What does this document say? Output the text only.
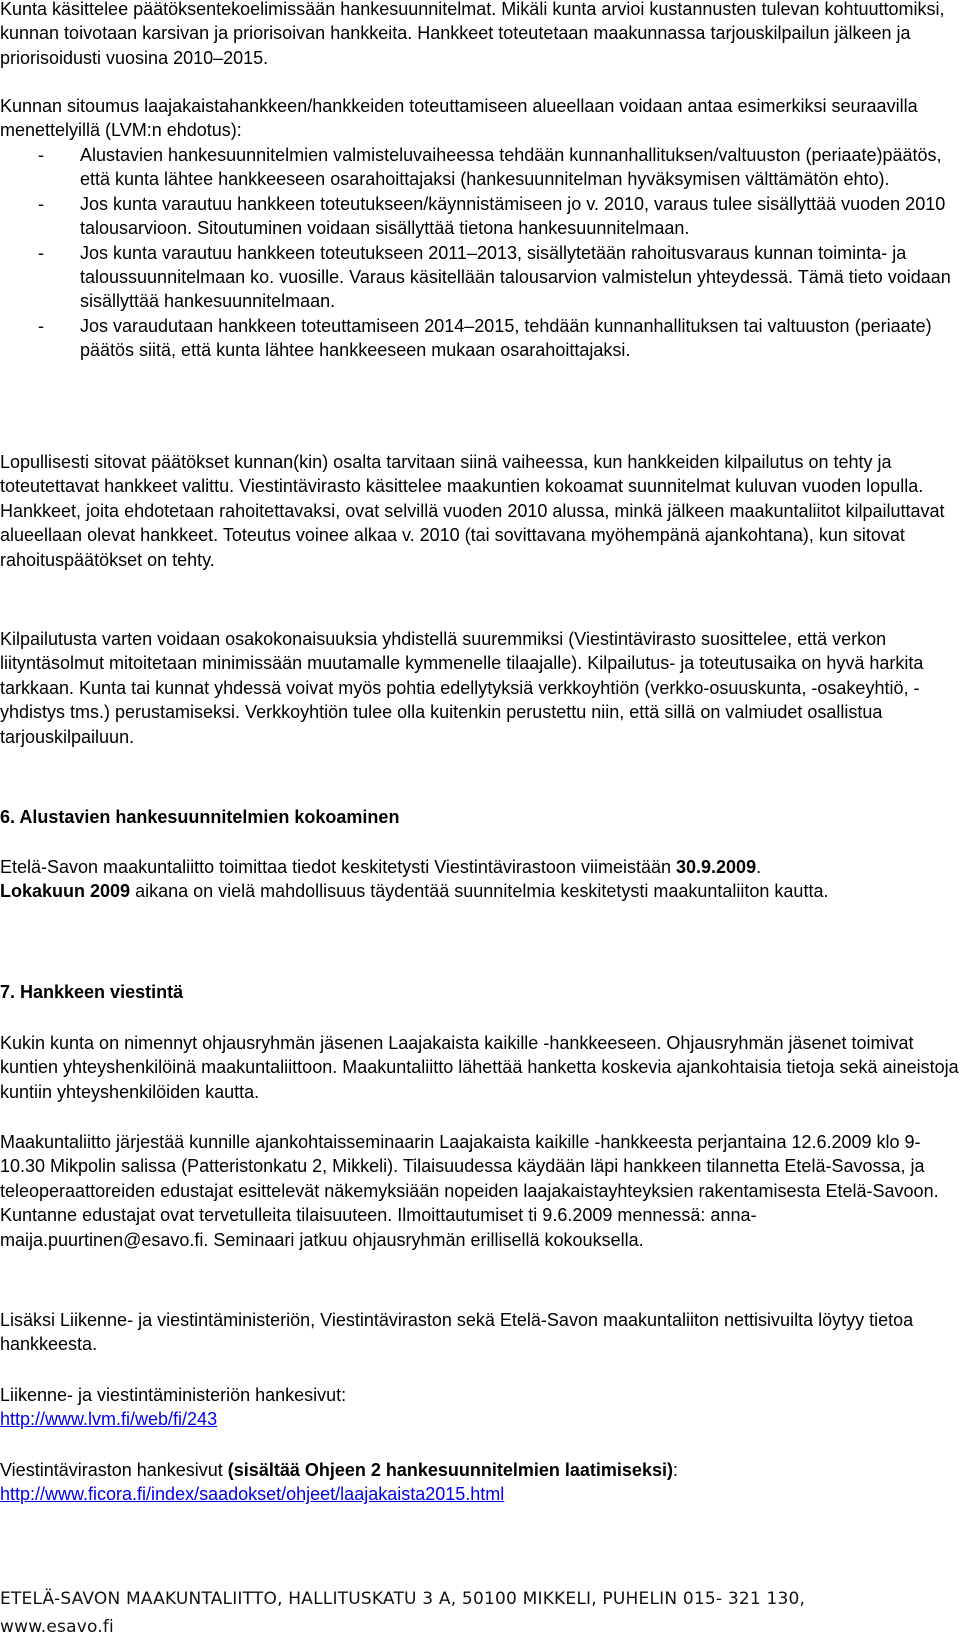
Kunta käsittelee päätöksentekoelimissään hankesuunnitelmat. Mikäli kunta arvioi kustannusten tulevan kohtuuttomiksi, kunnan toivotaan karsivan ja priorisoivan hankkeita. Hankkeet toteutetaan maakunnassa tarjouskilpailun jälkeen ja priorisoidusti vuosina 2010–2015.

Kunnan sitoumus laajakaistahankkeen/hankkeiden toteuttamiseen alueellaan voidaan antaa esimerkiksi seuraavilla menettelyillä (LVM:n ehdotus):

- Alustavien hankesuunnitelmien valmisteluvaiheessa tehdään kunnanhallituksen/valtuuston (periaate)päätös, että kunta lähtee hankkeeseen osarahoittajaksi (hankesuunnitelman hyväksymisen välttämätön ehto).
- Jos kunta varautuu hankkeen toteutukseen/käynnistämiseen jo v. 2010, varaus tulee sisällyttää vuoden 2010 talousarvioon. Sitoutuminen voidaan sisällyttää tietona hankesuunnitelmaan.
- Jos kunta varautuu hankkeen toteutukseen 2011–2013, sisällytetään rahoitusvaraus kunnan toiminta- ja taloussuunnitelmaan ko. vuosille. Varaus käsitellään talousarvion valmistelun yhteydessä. Tämä tieto voidaan sisällyttää hankesuunnitelmaan.
- Jos varaudutaan hankkeen toteuttamiseen 2014–2015, tehdään kunnanhallituksen tai valtuuston (periaate) päätös siitä, että kunta lähtee hankkeeseen mukaan osarahoittajaksi.

Lopullisesti sitovat päätökset kunnan(kin) osalta tarvitaan siinä vaiheessa, kun hankkeiden kilpailutus on tehty ja toteutettavat hankkeet valittu. Viestintävirasto käsittelee maakuntien kokoamat suunnitelmat kuluvan vuoden lopulla. Hankkeet, joita ehdotetaan rahoitettavaksi, ovat selvillä vuoden 2010 alussa, minkä jälkeen maakuntaliitot kilpailuttavat alueellaan olevat hankkeet. Toteutus voinee alkaa v. 2010 (tai sovittavana myöhempänä ajankohtana), kun sitovat rahoituspäätökset on tehty.

Kilpailutusta varten voidaan osakokonaisuuksia yhdistellä suuremmiksi (Viestintävirasto suosittelee, että verkon liityntäsolmut mitoitetaan minimissään muutamalle kymmenelle tilaajalle). Kilpailutus- ja toteutusaika on hyvä harkita tarkkaan. Kunta tai kunnat yhdessä voivat myös pohtia edellytyksiä verkkoyhtiön (verkko-osuuskunta, -osakeyhtiö, -yhdistys tms.) perustamiseksi. Verkkoyhtiön tulee olla kuitenkin perustettu niin, että sillä on valmiudet osallistua tarjouskilpailuun.

6. Alustavien hankesuunnitelmien kokoaminen

Etelä-Savon maakuntaliitto toimittaa tiedot keskitetysti Viestintävirastoon viimeistään 30.9.2009.
Lokakuun 2009 aikana on vielä mahdollisuus täydentää suunnitelmia keskitetysti maakuntaliiton kautta.

7. Hankkeen viestintä

Kukin kunta on nimennyt ohjausryhmän jäsenen Laajakaista kaikille -hankkeeseen. Ohjausryhmän jäsenet toimivat kuntien yhteyshenkilöinä maakuntaliittoon. Maakuntaliitto lähettää hanketta koskevia ajankohtaisia tietoja sekä aineistoja kuntiin yhteyshenkilöiden kautta.

Maakuntaliitto järjestää kunnille ajankohtaisseminaarin Laajakaista kaikille -hankkeesta perjantaina 12.6.2009 klo 9-10.30 Mikpolin salissa (Patteristonkatu 2, Mikkeli). Tilaisuudessa käydään läpi hankkeen tilannetta Etelä-Savossa, ja teleoperaattoreiden edustajat esittelevät näkemyksiään nopeiden laajakaistayhteyksien rakentamisesta Etelä-Savoon. Kuntanne edustajat ovat tervetulleita tilaisuuteen. Ilmoittautumiset ti 9.6.2009 mennessä: anna-maija.puurtinen@esavo.fi. Seminaari jatkuu ohjausryhmän erillisellä kokouksella.

Lisäksi Liikenne- ja viestintäministeriön, Viestintäviraston sekä Etelä-Savon maakuntaliiton nettisivuilta löytyy tietoa hankkeesta.

Liikenne- ja viestintäministeriön hankesivut:
http://www.lvm.fi/web/fi/243

Viestintäviraston hankesivut (sisältää Ohjeen 2 hankesuunnitelmien laatimiseksi):
http://www.ficora.fi/index/saadokset/ohjeet/laajakaista2015.html

ETELÄ-SAVON MAAKUNTALIITTO, HALLITUSKATU 3 A, 50100 MIKKELI, PUHELIN 015- 321 130,
www.esavo.fi
